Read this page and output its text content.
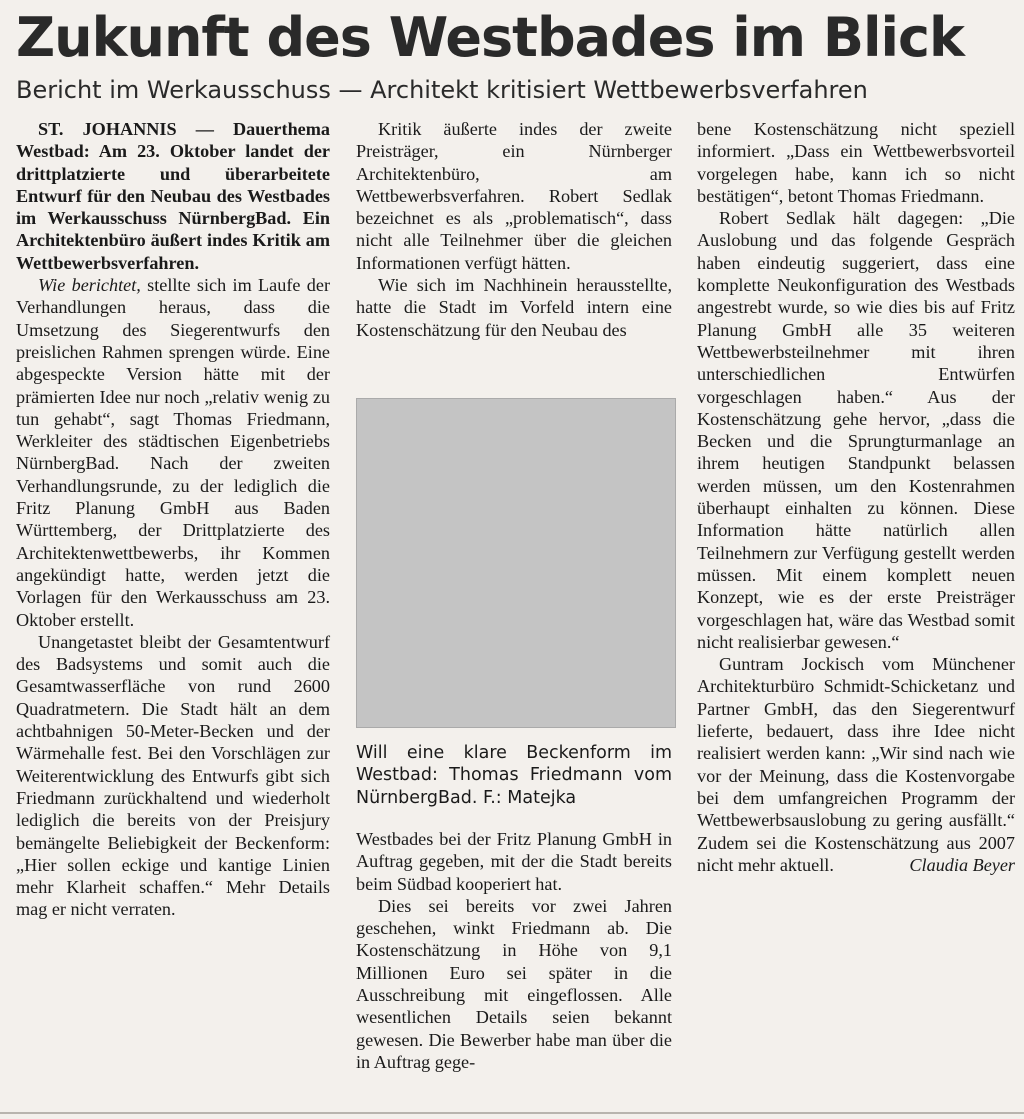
Zukunft des Westbades im Blick
Bericht im Werkausschuss — Architekt kritisiert Wettbewerbsverfahren

ST. JOHANNIS — Dauerthema Westbad: Am 23. Oktober landet der drittplatzierte und überarbeitete Entwurf für den Neubau des Westbades im Werkausschuss NürnbergBad. Ein Architektenbüro äußert indes Kritik am Wettbewerbsverfahren.

Wie berichtet, stellte sich im Laufe der Verhandlungen heraus, dass die Umsetzung des Siegerentwurfs den preislichen Rahmen sprengen würde. Eine abgespeckte Version hätte mit der prämierten Idee nur noch „relativ wenig zu tun gehabt“, sagt Thomas Friedmann, Werkleiter des städtischen Eigenbetriebs NürnbergBad. Nach der zweiten Verhandlungsrunde, zu der lediglich die Fritz Planung GmbH aus Baden Württemberg, der Drittplatzierte des Architektenwettbewerbs, ihr Kommen angekündigt hatte, werden jetzt die Vorlagen für den Werkausschuss am 23. Oktober erstellt.

Unangetastet bleibt der Gesamtentwurf des Badsystems und somit auch die Gesamtwasserfläche von rund 2600 Quadratmetern. Die Stadt hält an dem achtbahnigen 50-Meter-Becken und der Wärmehalle fest. Bei den Vorschlägen zur Weiterentwicklung des Entwurfs gibt sich Friedmann zurückhaltend und wiederholt lediglich die bereits von der Preisjury bemängelte Beliebigkeit der Beckenform: „Hier sollen eckige und kantige Linien mehr Klarheit schaffen.“ Mehr Details mag er nicht verraten.

Kritik äußerte indes der zweite Preisträger, ein Nürnberger Architektenbüro, am Wettbewerbsverfahren. Robert Sedlak bezeichnet es als „problematisch“, dass nicht alle Teilnehmer über die gleichen Informationen verfügt hätten.

Wie sich im Nachhinein herausstellte, hatte die Stadt im Vorfeld intern eine Kostenschätzung für den Neubau des

Will eine klare Beckenform im Westbad: Thomas Friedmann vom NürnbergBad. F.: Matejka

Westbades bei der Fritz Planung GmbH in Auftrag gegeben, mit der die Stadt bereits beim Südbad kooperiert hat.

Dies sei bereits vor zwei Jahren geschehen, winkt Friedmann ab. Die Kostenschätzung in Höhe von 9,1 Millionen Euro sei später in die Ausschreibung mit eingeflossen. Alle wesentlichen Details seien bekannt gewesen. Die Bewerber habe man über die in Auftrag gege-

bene Kostenschätzung nicht speziell informiert. „Dass ein Wettbewerbsvorteil vorgelegen habe, kann ich so nicht bestätigen“, betont Thomas Friedmann.

Robert Sedlak hält dagegen: „Die Auslobung und das folgende Gespräch haben eindeutig suggeriert, dass eine komplette Neukonfiguration des Westbads angestrebt wurde, so wie dies bis auf Fritz Planung GmbH alle 35 weiteren Wettbewerbsteilnehmer mit ihren unterschiedlichen Entwürfen vorgeschlagen haben.“ Aus der Kostenschätzung gehe hervor, „dass die Becken und die Sprungturmanlage an ihrem heutigen Standpunkt belassen werden müssen, um den Kostenrahmen überhaupt einhalten zu können. Diese Information hätte natürlich allen Teilnehmern zur Verfügung gestellt werden müssen. Mit einem komplett neuen Konzept, wie es der erste Preisträger vorgeschlagen hat, wäre das Westbad somit nicht realisierbar gewesen.“

Guntram Jockisch vom Münchener Architekturbüro Schmidt-Schicketanz und Partner GmbH, das den Siegerentwurf lieferte, bedauert, dass ihre Idee nicht realisiert werden kann: „Wir sind nach wie vor der Meinung, dass die Kostenvorgabe bei dem umfangreichen Programm der Wettbewerbsauslobung zu gering ausfällt.“ Zudem sei die Kostenschätzung aus 2007 nicht mehr aktuell.	Claudia Beyer
